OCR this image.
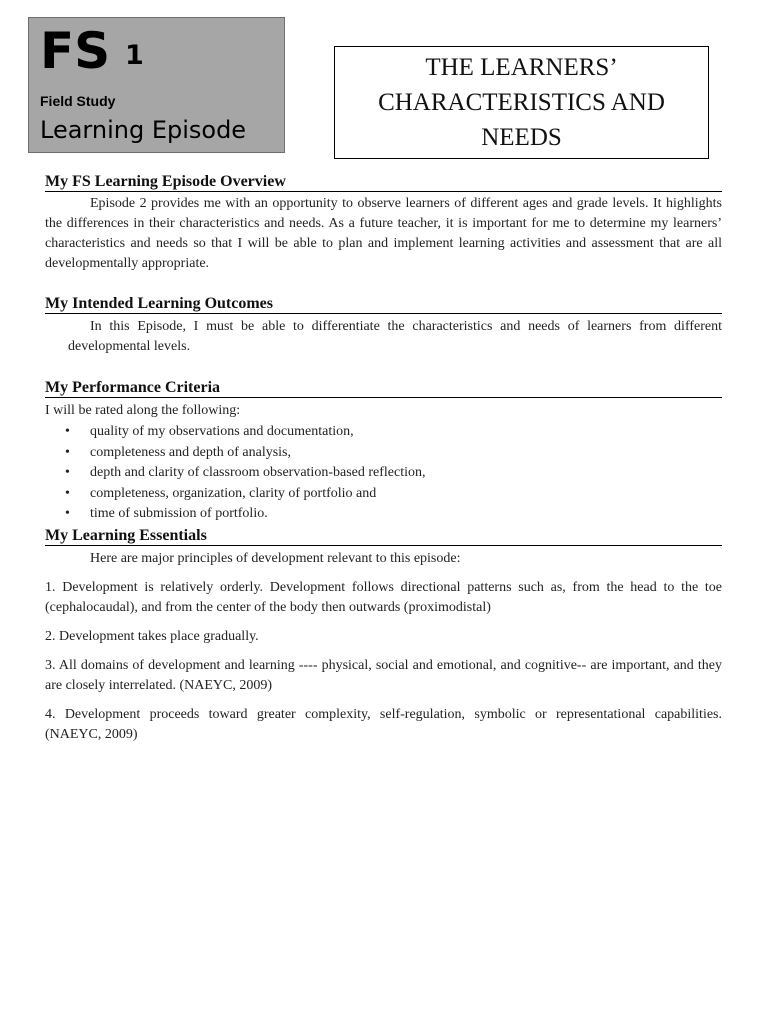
FS 1
Field Study
Learning Episode
THE LEARNERS’ CHARACTERISTICS AND NEEDS
My FS Learning Episode Overview
Episode 2 provides me with an opportunity to observe learners of different ages and grade levels. It highlights the differences in their characteristics and needs. As a future teacher, it is important for me to determine my learners’ characteristics and needs so that I will be able to plan and implement learning activities and assessment that are all developmentally appropriate.
My Intended Learning Outcomes
In this Episode, I must be able to differentiate the characteristics and needs of learners from different developmental levels.
My Performance Criteria
I will be rated along the following:
• quality of my observations and documentation,
• completeness and depth of analysis,
• depth and clarity of classroom observation-based reflection,
• completeness, organization, clarity of portfolio and
• time of submission of portfolio.
My Learning Essentials
Here are major principles of development relevant to this episode:
1. Development is relatively orderly. Development follows directional patterns such as, from the head to the toe (cephalocaudal), and from the center of the body then outwards (proximodistal)
2. Development takes place gradually.
3. All domains of development and learning ---- physical, social and emotional, and cognitive-- are important, and they are closely interrelated. (NAEYC, 2009)
4. Development proceeds toward greater complexity, self-regulation, symbolic or representational capabilities. (NAEYC, 2009)
